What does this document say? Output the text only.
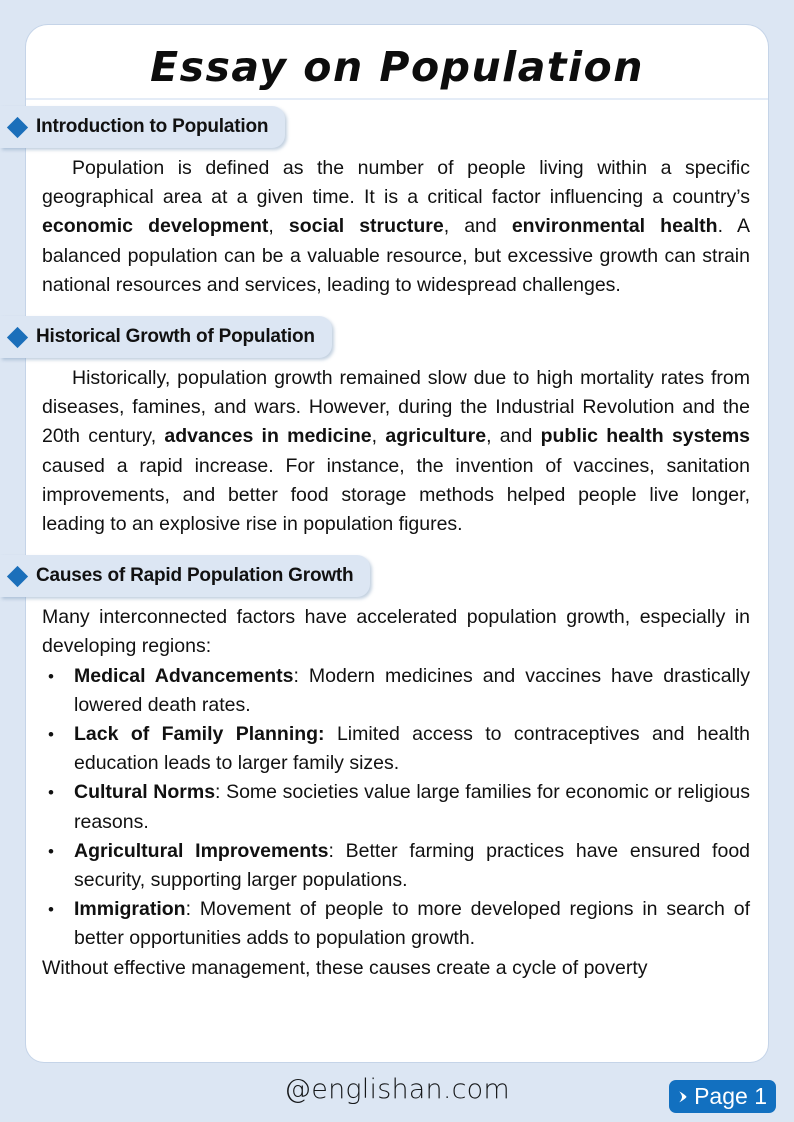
Essay on Population
Introduction to Population

Population is defined as the number of people living within a specific geographical area at a given time. It is a critical factor influencing a country’s economic development, social structure, and environmental health. A balanced population can be a valuable resource, but excessive growth can strain national resources and services, leading to widespread challenges.

Historical Growth of Population

Historically, population growth remained slow due to high mortality rates from diseases, famines, and wars. However, during the Industrial Revolution and the 20th century, advances in medicine, agriculture, and public health systems caused a rapid increase. For instance, the invention of vaccines, sanitation improvements, and better food storage methods helped people live longer, leading to an explosive rise in population figures.

Causes of Rapid Population Growth

Many interconnected factors have accelerated population growth, especially in developing regions:

• Medical Advancements: Modern medicines and vaccines have drastically lowered death rates.
• Lack of Family Planning: Limited access to contraceptives and health education leads to larger family sizes.
• Cultural Norms: Some societies value large families for economic or religious reasons.
• Agricultural Improvements: Better farming practices have ensured food security, supporting larger populations.
• Immigration: Movement of people to more developed regions in search of better opportunities adds to population growth.

Without effective management, these causes create a cycle of poverty

@englishan.com	Page 1
